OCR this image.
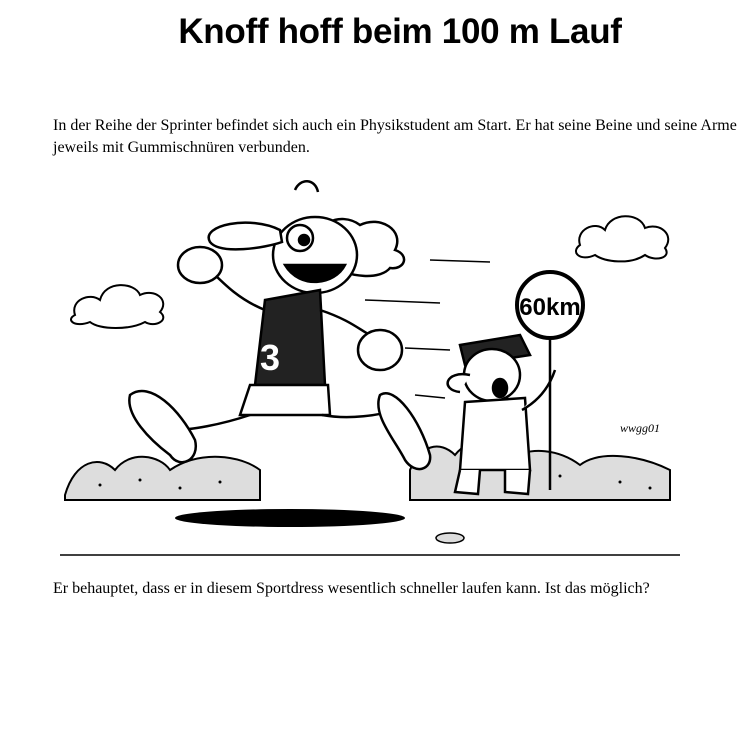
Knoff hoff beim 100 m Lauf

In der Reihe der Sprinter befindet sich auch ein Physikstudent am Start. Er hat seine Beine und seine Arme jeweils mit Gummischnüren verbunden.

3
60km
wwgg01

Er behauptet, dass er in diesem Sportdress wesentlich schneller laufen kann. Ist das möglich?
